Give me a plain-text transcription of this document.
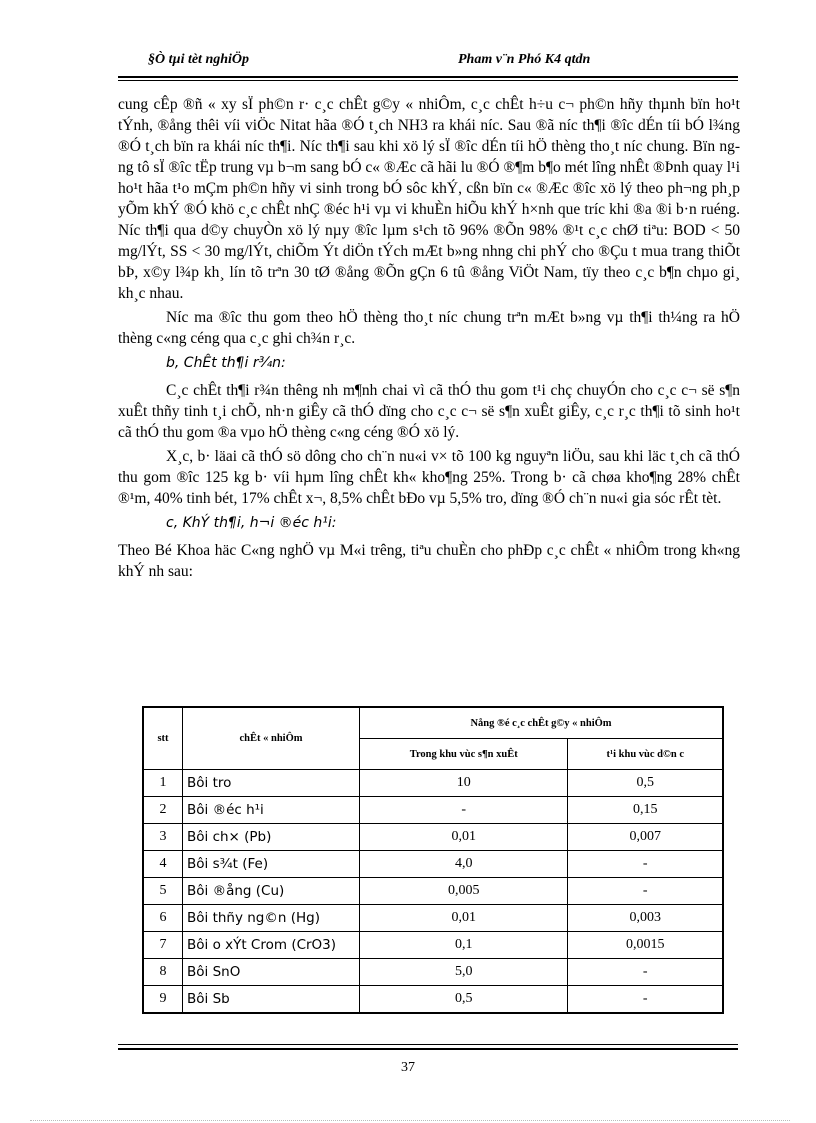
§Ò tµi tèt nghiÖp	Pham v¨n Phó K4 qtdn

cung cÊp ®ñ « xy sÏ ph©n r· c¸c chÊt g©y « nhiÔm, c¸c chÊt h÷u c¬ ph©n hñy thµnh bïn ho¹t tÝnh, ®ång thêi víi viÖc Nitat hãa ®Ó t¸ch NH3 ra khái níc. Sau ®ã níc th¶i ®îc dÉn tíi bÓ l¾ng ®Ó t¸ch bïn ra khái níc th¶i. Níc th¶i sau khi xö lý sÏ ®îc dÉn tíi hÖ thèng tho¸t níc chung. Bïn ngng tô sÏ ®îc tËp trung vµ b¬m sang bÓ c« ®Æc cã hãi lu ®Ó ®¶m b¶o mét lîng nhÊt ®Þnh quay l¹i ho¹t hãa t¹o mÇm ph©n hñy vi sinh trong bÓ sôc khÝ, cßn bïn c« ®Æc ®îc xö lý theo ph¬ng ph¸p yÕm khÝ ®Ó khö c¸c chÊt nhÇ ®éc h¹i vµ vi khuÈn hiÕu khÝ h×nh que tríc khi ®a ®i b·n ruéng. Níc th¶i qua d©y chuyÒn xö lý nµy ®îc lµm s¹ch tõ 96% ®Õn 98% ®¹t c¸c chØ tiªu: BOD < 50 mg/lÝt, SS < 30 mg/lÝt, chiÕm Ýt diÖn tÝch mÆt b»ng nhng chi phÝ cho ®Çu t mua trang thiÕt bÞ, x©y l¾p kh¸ lín tõ trªn 30 tØ ®ång ®Õn gÇn 6 tû ®ång ViÖt Nam, tïy theo c¸c b¶n chµo gi¸ kh¸c nhau.

Níc ma ®îc thu gom theo hÖ thèng tho¸t níc chung trªn mÆt b»ng vµ th¶i th¼ng ra hÖ thèng c«ng céng qua c¸c ghi ch¾n r¸c.

b, ChÊt th¶i r¾n:

C¸c chÊt th¶i r¾n thêng nh m¶nh chai vì cã thÓ thu gom t¹i chç chuyÓn cho c¸c c¬ së s¶n xuÊt thñy tinh t¸i chÕ, nh·n giÊy cã thÓ dïng cho c¸c c¬ së s¶n xuÊt giÊy, c¸c r¸c th¶i tõ sinh ho¹t cã thÓ thu gom ®a vµo hÖ thèng c«ng céng ®Ó xö lý.

X¸c, b· läai cã thÓ sö dông cho ch¨n nu«i v× tõ 100 kg nguyªn liÖu, sau khi läc t¸ch cã thÓ thu gom ®îc 125 kg b· víi hµm lîng chÊt kh« kho¶ng 25%. Trong b· cã chøa kho¶ng 28% chÊt ®¹m, 40% tinh bét, 17% chÊt x¬, 8,5% chÊt bÐo vµ 5,5% tro, dïng ®Ó ch¨n nu«i gia sóc rÊt tèt.

c, KhÝ th¶i, h¬i ®éc h¹i:

Theo Bé Khoa häc C«ng nghÖ vµ M«i trêng, tiªu chuÈn cho phÐp c¸c chÊt « nhiÔm trong kh«ng khÝ nh sau:

stt	chÊt « nhiÔm	Nång ®é c¸c chÊt g©y « nhiÔm	
		Trong khu vùc s¶n xuÊt	t¹i khu vùc d©n c
1	Bôi tro	10	0,5
2	Bôi ®éc h¹i	-	0,15
3	Bôi ch× (Pb)	0,01	0,007
4	Bôi s¾t (Fe)	4,0	-
5	Bôi ®ång (Cu)	0,005	-
6	Bôi thñy ng©n (Hg)	0,01	0,003
7	Bôi o xÝt Crom (CrO3)	0,1	0,0015
8	Bôi SnO	5,0	-
9	Bôi Sb	0,5	-
37
